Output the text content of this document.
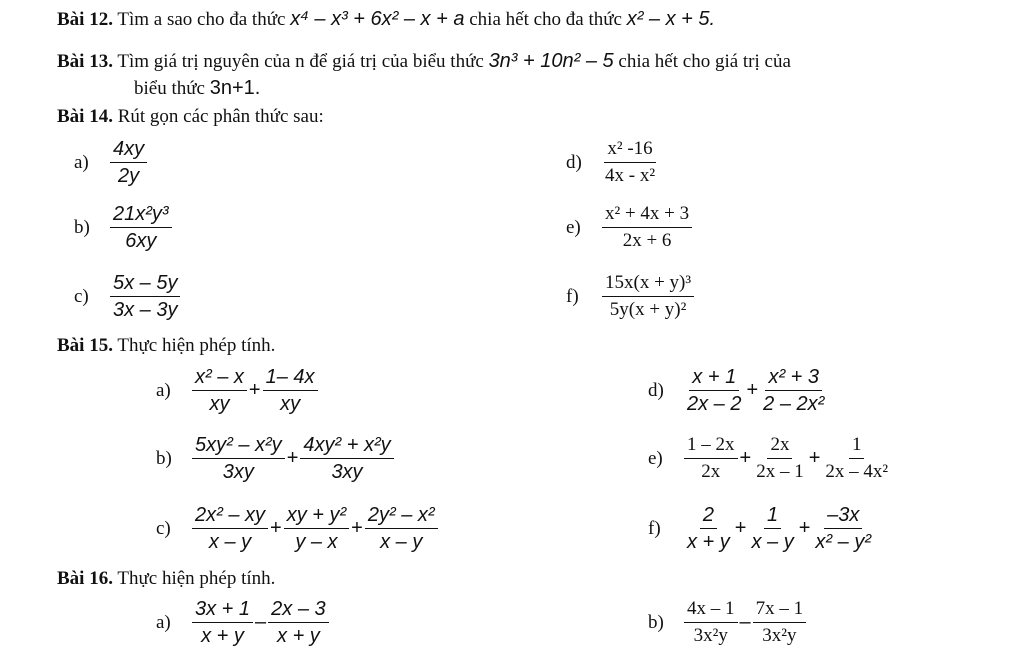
Bài 12. Tìm a sao cho đa thức x⁴ – x³ + 6x² – x + a chia hết cho đa thức x² – x + 5.
Bài 13. Tìm giá trị nguyên của n để giá trị của biểu thức 3n³ + 10n² – 5 chia hết cho giá trị của
biểu thức 3n+1.
Bài 14. Rút gọn các phân thức sau:
a)	$\frac{4xy}{2y}$
b)	$\frac{\text{21x²y³}}{6xy}$
c)	$\frac{5x - 5y}{3x - 3y}$
d)	$\frac{\text{x² -16}}{\text{4x - x²}}$
e)	$\frac{\text{x² + 4x + 3}}{2x + 6}$
f)	$\frac{\text{15x(x + y)³}}{\text{5y(x + y)²}}$
Bài 15. Thực hiện phép tính.
a)	$\frac{\text{x² – x}}{xy} + \frac{1- 4x}{xy}$
b)	$\frac{\text{5xy² – x²y}}{3xy} + \frac{\text{4xy² + x²y}}{3xy}$
c)	$\frac{\text{2x² – xy}}{x - y} + \frac{\text{xy + y²}}{y - x} + \frac{\text{2y² – x²}}{x - y}$
d)	$\frac{x + 1}{2x - 2} + \frac{\text{x² + 3}}{\text{2 – 2x²}}$
e)	$\frac{1 - 2x}{2x} + \frac{2x}{2x - 1} + \frac{1}{\text{2x – 4x²}}$
f)	$\frac{2}{x + y} + \frac{1}{x - y} + \frac{-3x}{\text{x² – y²}}$
Bài 16. Thực hiện phép tính.
a)	$\frac{3x + 1}{x + y} - \frac{2x - 3}{x + y}$	b)	$\frac{4x - 1}{\text{3x²y}} - \frac{7x - 1}{\text{3x²y}}$
